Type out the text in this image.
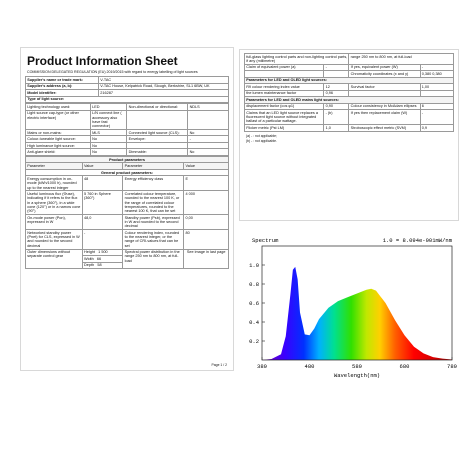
Product Information Sheet
COMMISSION DELEGATED REGULATION (EU) 2019/2015 with regard to energy labelling of light sources
Supplier's name or trade mark:	V-TAC
Supplier's address (a, b):	V-TAC House, Kelpatrick Road, Slough, Berkshire, SL1 6BW, UK
Model identifier:	216287
Type of light source:	
Lighting technology used:	LED	Non-directional or directional:	NDLS
Light source cap-type (or other electric interface)	L/N connect line ( accessory also have fast connector)		
Mains or non-mains:	MLS	Connected light source (CLS):	No
Colour-tuneable light source:	No	Envelope:	-
High luminance light source:	No		
Anti-glare shield:	No	Dimmable:	No
Product parameters			
Parameter	Value	Parameter	Value
General product parameters:			
Energy consumption in on-mode (kWh/1000 h), rounded up to the nearest integer	48	Energy efficiency class	E
Useful luminous flux (Φuse), indicating if it refers to the flux in a sphere (360°), in a wide cone (120°) or in a narrow cone (90°)	5 760 in Sphere (360°)	Correlated colour temperature, rounded to the nearest 100 K, or the range of correlated colour temperatures, rounded to the nearest 100 K, that can be set	4 000
On-mode power (Pon), expressed in W	48,0	Standby power (Psb), expressed in W and rounded to the second decimal	0,00
Networked standby power (Pnet) for CLS, expressed in W and rounded to the second decimal	-	Colour rendering index, rounded to the nearest integer, or the range of CRI-values that can be set	80
Outer dimensions without separate control gear	Height 1 500	Spectral power distribution in the range 250 nm to 800 nm, at full-load	See image in last page
	Width 66		
	Depth 58		
Page 1 / 2
full-glass lighting control parts and non-lighting control parts, if any (millimetre)		range 250 nm to 800 nm, at full-load	
Claim of equivalent power (a)	-	If yes, equivalent power (W)	-
		Chromaticity coordinates (x and y)	0,380 0,380
Parameters for LED and OLED light sources:			
R9 colour rendering index value	12	Survival factor	1,00
the lumen maintenance factor	0,96		
Parameters for LED and OLED mains light sources:			
displacement factor (cos φ1)	0,90	Colour consistency in McAdam ellipses	6
Claims that an LED light source replaces a fluorescent light source without integrated ballast of a particular wattage.	- (b)	If yes then replacement claim (W)	-
Flicker metric (Pst LM)	1,0	Stroboscopic effect metric (SVM)	0,9
(a) - : not applicable;
(b) - : not applicable.
Spectrum	1.0 = 8.094e-001mW/nm
0.2
0.4
0.6
0.8
1.0
380	480	580	680	780
Wavelength(nm)
